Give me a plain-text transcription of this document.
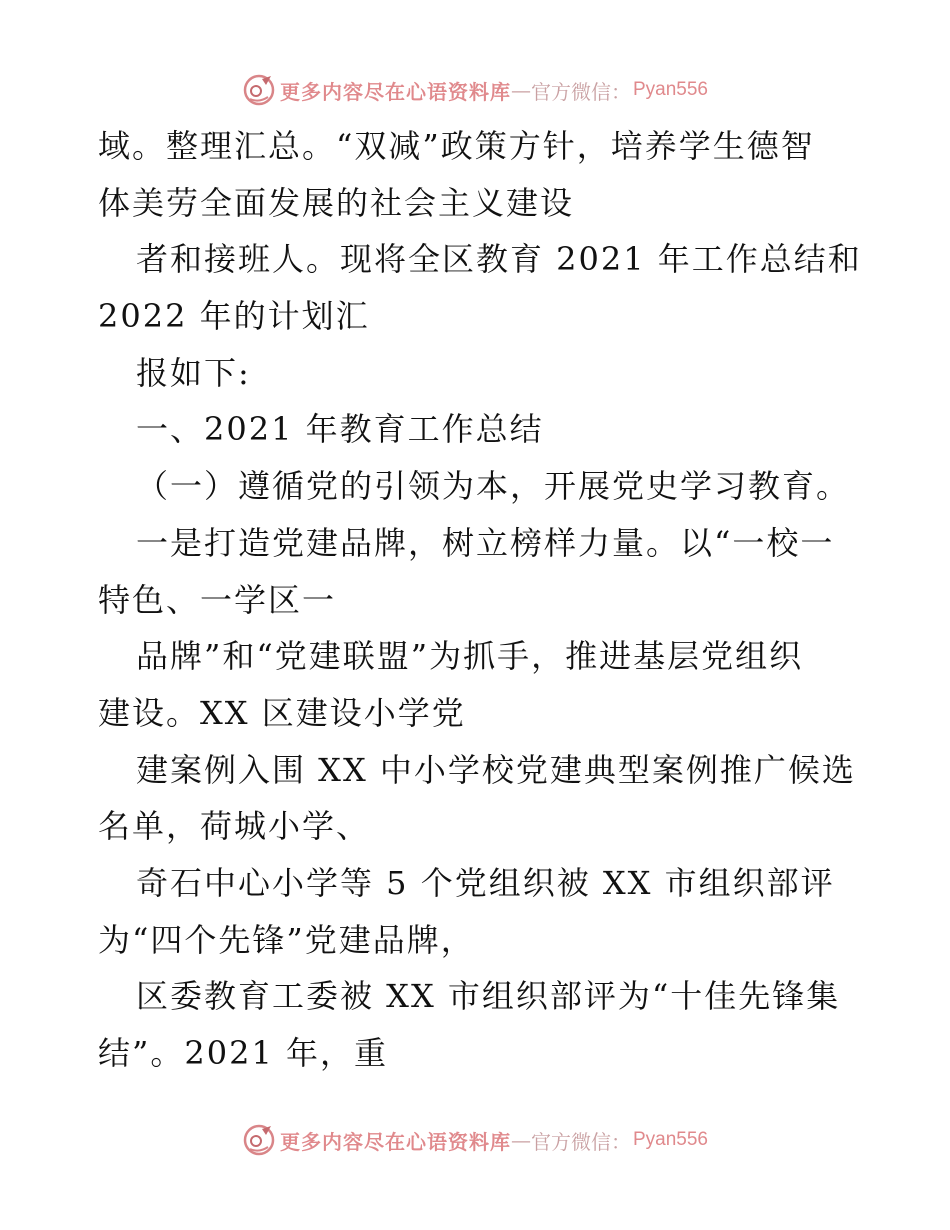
更多内容尽在心语资料库 — 官方微信： Pyan556
域。整理汇总。“双减”政策方针，培养学生德智
体美劳全面发展的社会主义建设
者和接班人。现将全区教育 2021 年工作总结和
2022 年的计划汇
报如下:
一、2021 年教育工作总结
（一）遵循党的引领为本，开展党史学习教育。
一是打造党建品牌，树立榜样力量。以“一校一
特色、一学区一
品牌”和“党建联盟”为抓手，推进基层党组织
建设。XX 区建设小学党
建案例入围 XX 中小学校党建典型案例推广候选
名单，荷城小学、
奇石中心小学等 5 个党组织被 XX 市组织部评
为“四个先锋”党建品牌，
区委教育工委被 XX 市组织部评为“十佳先锋集
结”。2021 年，重
更多内容尽在心语资料库 — 官方微信： Pyan556
